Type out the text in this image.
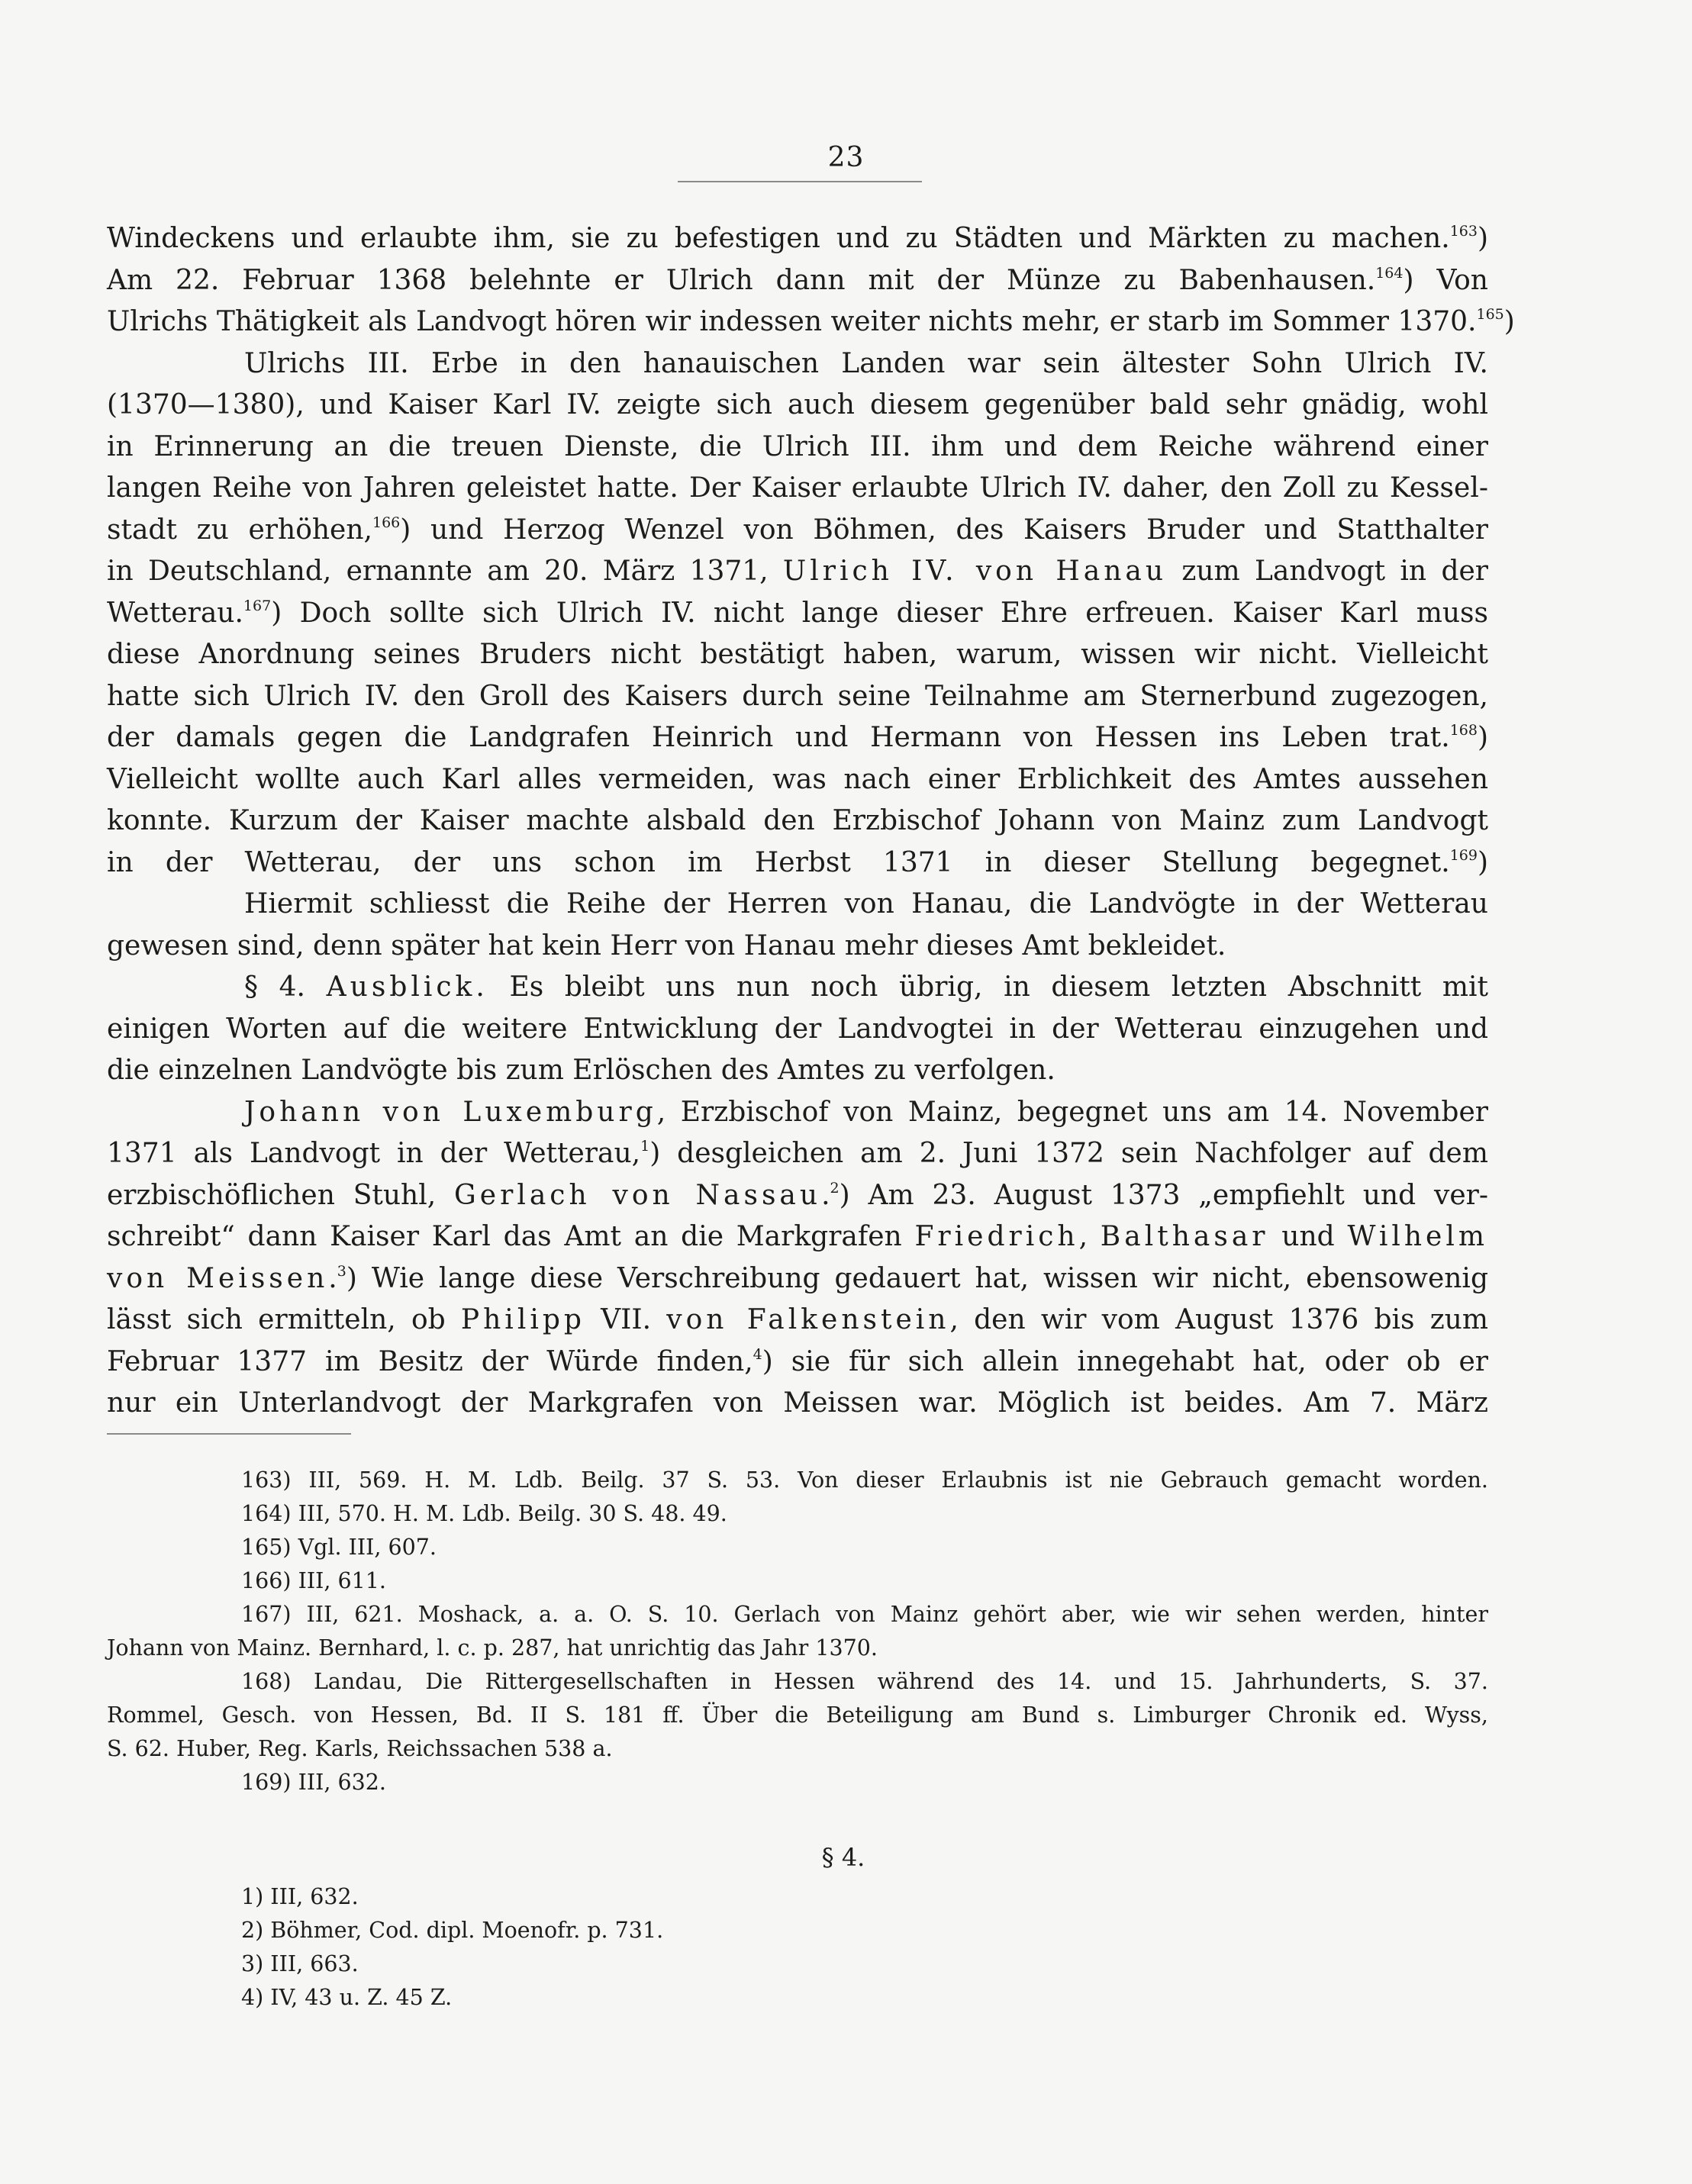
23
Windeckens und erlaubte ihm, sie zu befestigen und zu Städten und Märkten zu machen.$^{163}$)
Am 22. Februar 1368 belehnte er Ulrich dann mit der Münze zu Babenhausen.$^{164}$) Von
Ulrichs Thätigkeit als Landvogt hören wir indessen weiter nichts mehr, er starb im Sommer 1370.$^{165}$)
Ulrichs III. Erbe in den hanauischen Landen war sein ältester Sohn Ulrich IV.
(1370—1380), und Kaiser Karl IV. zeigte sich auch diesem gegenüber bald sehr gnädig, wohl
in Erinnerung an die treuen Dienste, die Ulrich III. ihm und dem Reiche während einer
langen Reihe von Jahren geleistet hatte. Der Kaiser erlaubte Ulrich IV. daher, den Zoll zu Kessel-
stadt zu erhöhen,$^{166}$) und Herzog Wenzel von Böhmen, des Kaisers Bruder und Statthalter
in Deutschland, ernannte am 20. März 1371, Ulrich IV. von Hanau zum Landvogt in der
Wetterau.$^{167}$) Doch sollte sich Ulrich IV. nicht lange dieser Ehre erfreuen. Kaiser Karl muss
diese Anordnung seines Bruders nicht bestätigt haben, warum, wissen wir nicht. Vielleicht
hatte sich Ulrich IV. den Groll des Kaisers durch seine Teilnahme am Sternerbund zugezogen,
der damals gegen die Landgrafen Heinrich und Hermann von Hessen ins Leben trat.$^{168}$)
Vielleicht wollte auch Karl alles vermeiden, was nach einer Erblichkeit des Amtes aussehen
konnte. Kurzum der Kaiser machte alsbald den Erzbischof Johann von Mainz zum Landvogt
in der Wetterau, der uns schon im Herbst 1371 in dieser Stellung begegnet.$^{169}$)
Hiermit schliesst die Reihe der Herren von Hanau, die Landvögte in der Wetterau
gewesen sind, denn später hat kein Herr von Hanau mehr dieses Amt bekleidet.
§ 4. Ausblick. Es bleibt uns nun noch übrig, in diesem letzten Abschnitt mit
einigen Worten auf die weitere Entwicklung der Landvogtei in der Wetterau einzugehen und
die einzelnen Landvögte bis zum Erlöschen des Amtes zu verfolgen.
Johann von Luxemburg, Erzbischof von Mainz, begegnet uns am 14. November
1371 als Landvogt in der Wetterau,$^1$) desgleichen am 2. Juni 1372 sein Nachfolger auf dem
erzbischöflichen Stuhl, Gerlach von Nassau.$^2$) Am 23. August 1373 „empfiehlt und ver-
schreibt“ dann Kaiser Karl das Amt an die Markgrafen Friedrich, Balthasar und Wilhelm
von Meissen.$^3$) Wie lange diese Verschreibung gedauert hat, wissen wir nicht, ebensowenig
lässt sich ermitteln, ob Philipp VII. von Falkenstein, den wir vom August 1376 bis zum
Februar 1377 im Besitz der Würde finden,$^4$) sie für sich allein innegehabt hat, oder ob er
nur ein Unterlandvogt der Markgrafen von Meissen war. Möglich ist beides. Am 7. März
163) III, 569. H. M. Ldb. Beilg. 37 S. 53. Von dieser Erlaubnis ist nie Gebrauch gemacht worden.
164) III, 570. H. M. Ldb. Beilg. 30 S. 48. 49.
165) Vgl. III, 607.
166) III, 611.
167) III, 621. Moshack, a. a. O. S. 10. Gerlach von Mainz gehört aber, wie wir sehen werden, hinter
Johann von Mainz. Bernhard, l. c. p. 287, hat unrichtig das Jahr 1370.
168) Landau, Die Rittergesellschaften in Hessen während des 14. und 15. Jahrhunderts, S. 37.
Rommel, Gesch. von Hessen, Bd. II S. 181 ff. Über die Beteiligung am Bund s. Limburger Chronik ed. Wyss,
S. 62. Huber, Reg. Karls, Reichssachen 538 a.
169) III, 632.
§ 4.
1) III, 632.
2) Böhmer, Cod. dipl. Moenofr. p. 731.
3) III, 663.
4) IV, 43 u. Z. 45 Z.
